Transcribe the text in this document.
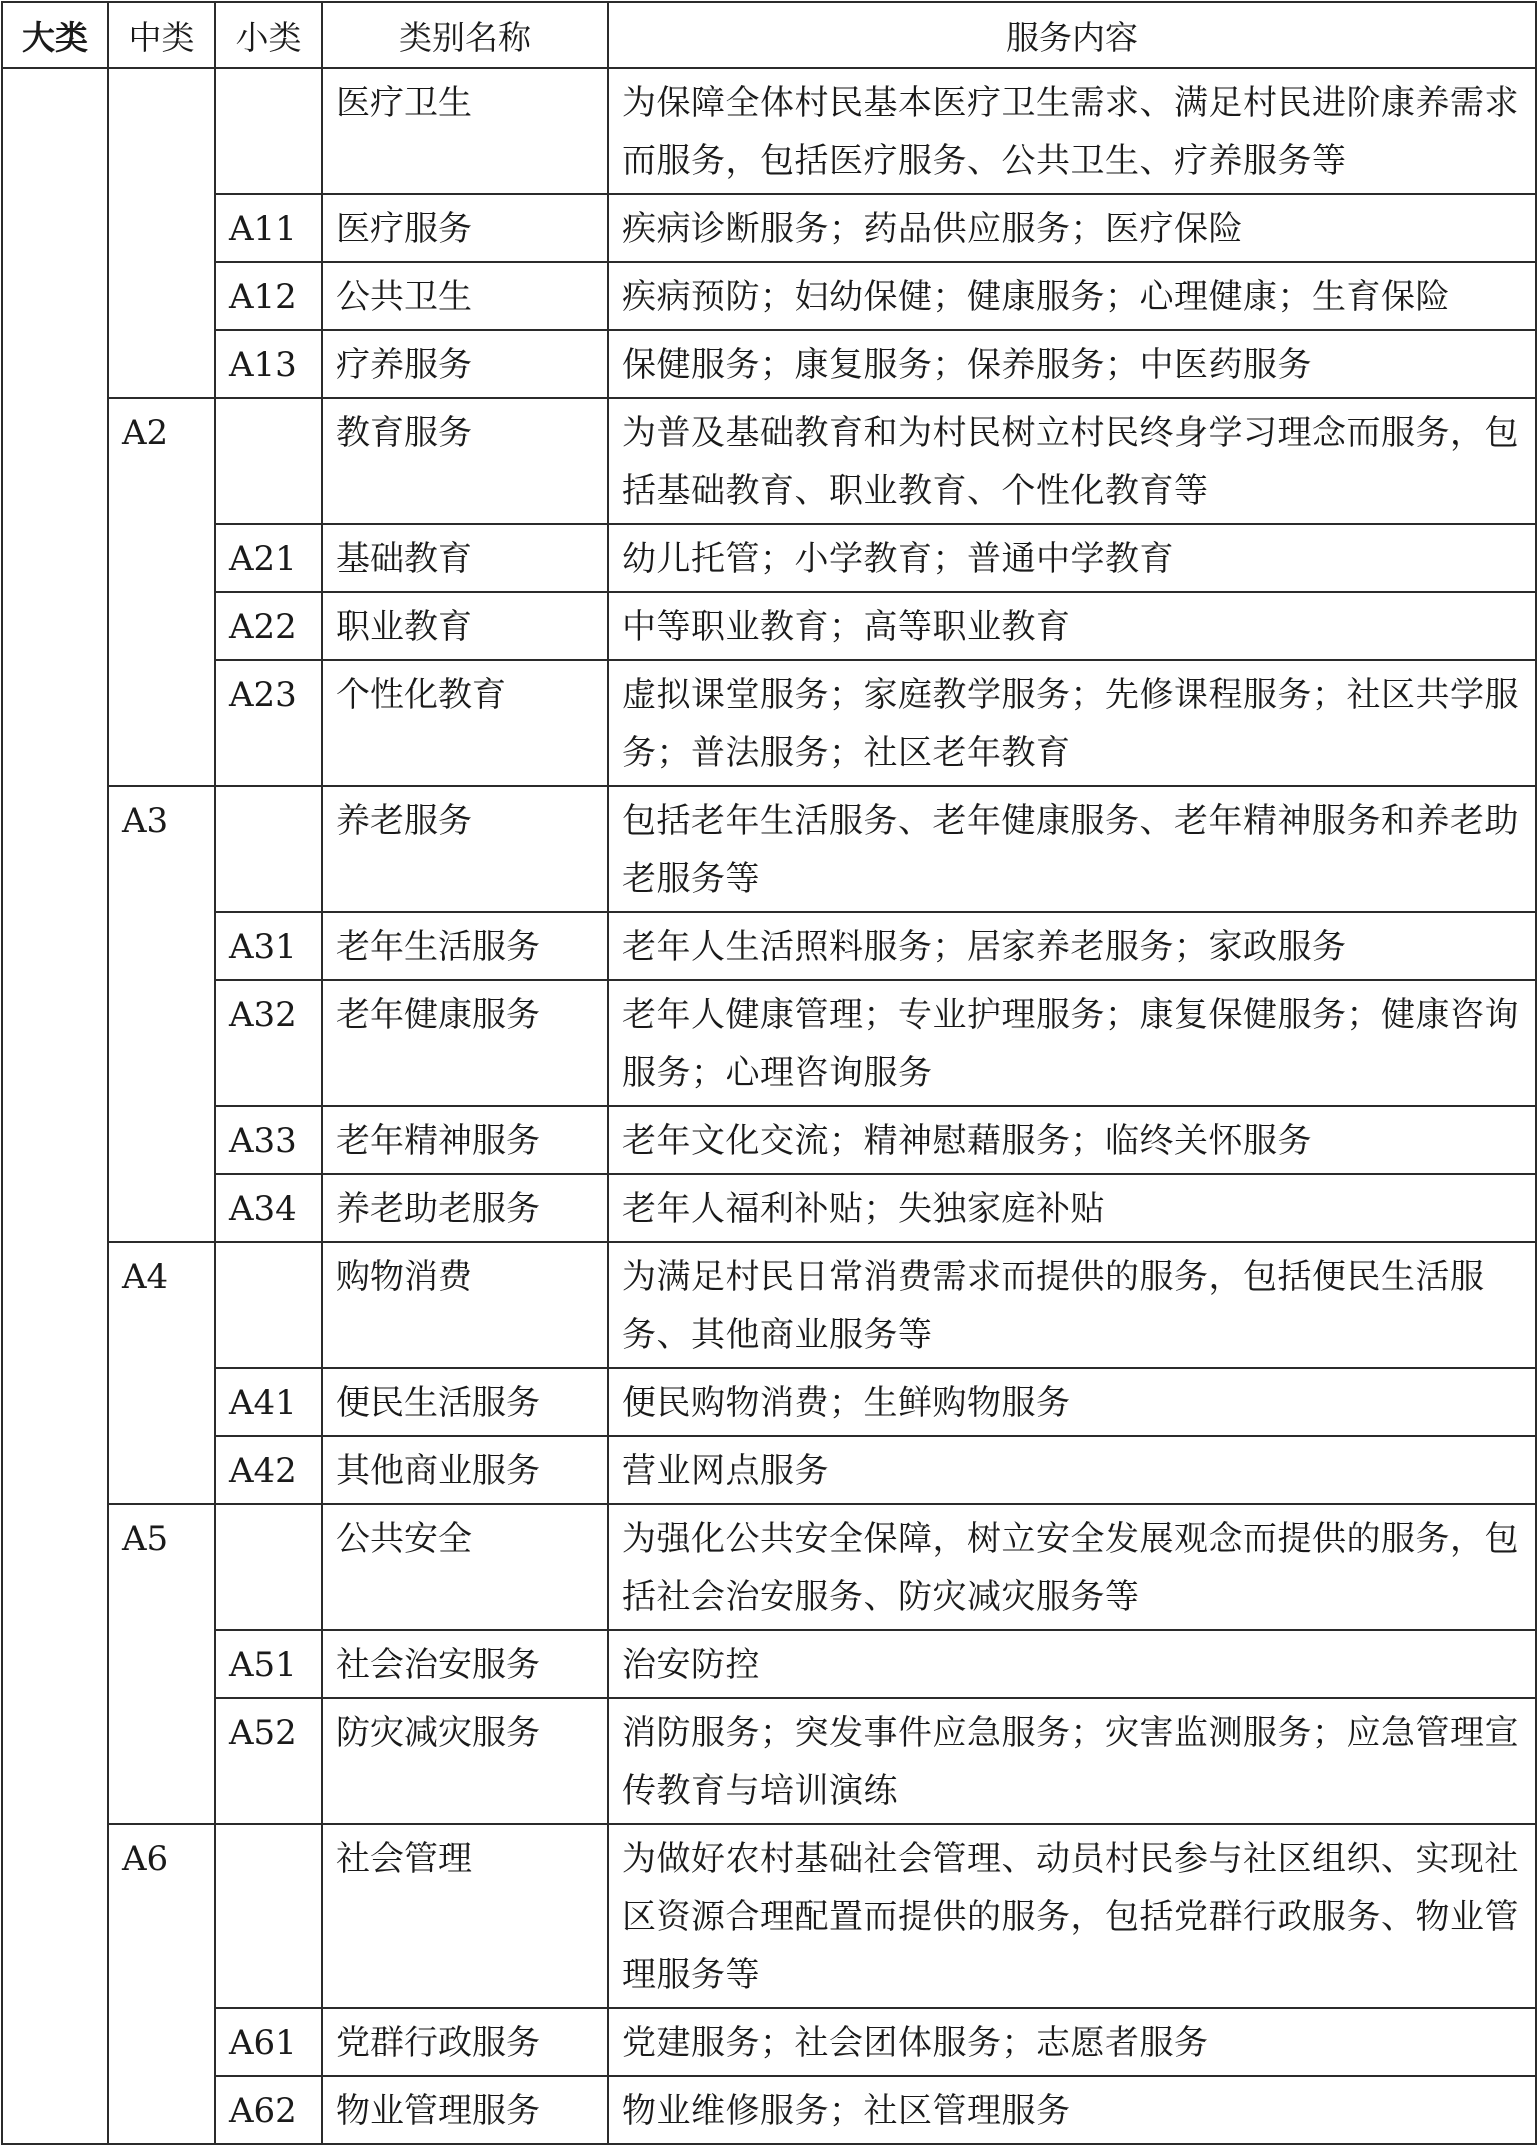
大类	中类	小类	类别名称	服务内容
			医疗卫生	为保障全体村民基本医疗卫生需求、满足村民进阶康养需求而服务，包括医疗服务、公共卫生、疗养服务等
		A11	医疗服务	疾病诊断服务；药品供应服务；医疗保险
		A12	公共卫生	疾病预防；妇幼保健；健康服务；心理健康；生育保险
		A13	疗养服务	保健服务；康复服务；保养服务；中医药服务
	A2		教育服务	为普及基础教育和为村民树立村民终身学习理念而服务，包括基础教育、职业教育、个性化教育等
		A21	基础教育	幼儿托管；小学教育；普通中学教育
		A22	职业教育	中等职业教育；高等职业教育
		A23	个性化教育	虚拟课堂服务；家庭教学服务；先修课程服务；社区共学服务；普法服务；社区老年教育
	A3		养老服务	包括老年生活服务、老年健康服务、老年精神服务和养老助老服务等
		A31	老年生活服务	老年人生活照料服务；居家养老服务；家政服务
		A32	老年健康服务	老年人健康管理；专业护理服务；康复保健服务；健康咨询服务；心理咨询服务
		A33	老年精神服务	老年文化交流；精神慰藉服务；临终关怀服务
		A34	养老助老服务	老年人福利补贴；失独家庭补贴
	A4		购物消费	为满足村民日常消费需求而提供的服务，包括便民生活服务、其他商业服务等
		A41	便民生活服务	便民购物消费；生鲜购物服务
		A42	其他商业服务	营业网点服务
	A5		公共安全	为强化公共安全保障，树立安全发展观念而提供的服务，包括社会治安服务、防灾减灾服务等
		A51	社会治安服务	治安防控
		A52	防灾减灾服务	消防服务；突发事件应急服务；灾害监测服务；应急管理宣传教育与培训演练
	A6		社会管理	为做好农村基础社会管理、动员村民参与社区组织、实现社区资源合理配置而提供的服务，包括党群行政服务、物业管理服务等
		A61	党群行政服务	党建服务；社会团体服务；志愿者服务
		A62	物业管理服务	物业维修服务；社区管理服务
